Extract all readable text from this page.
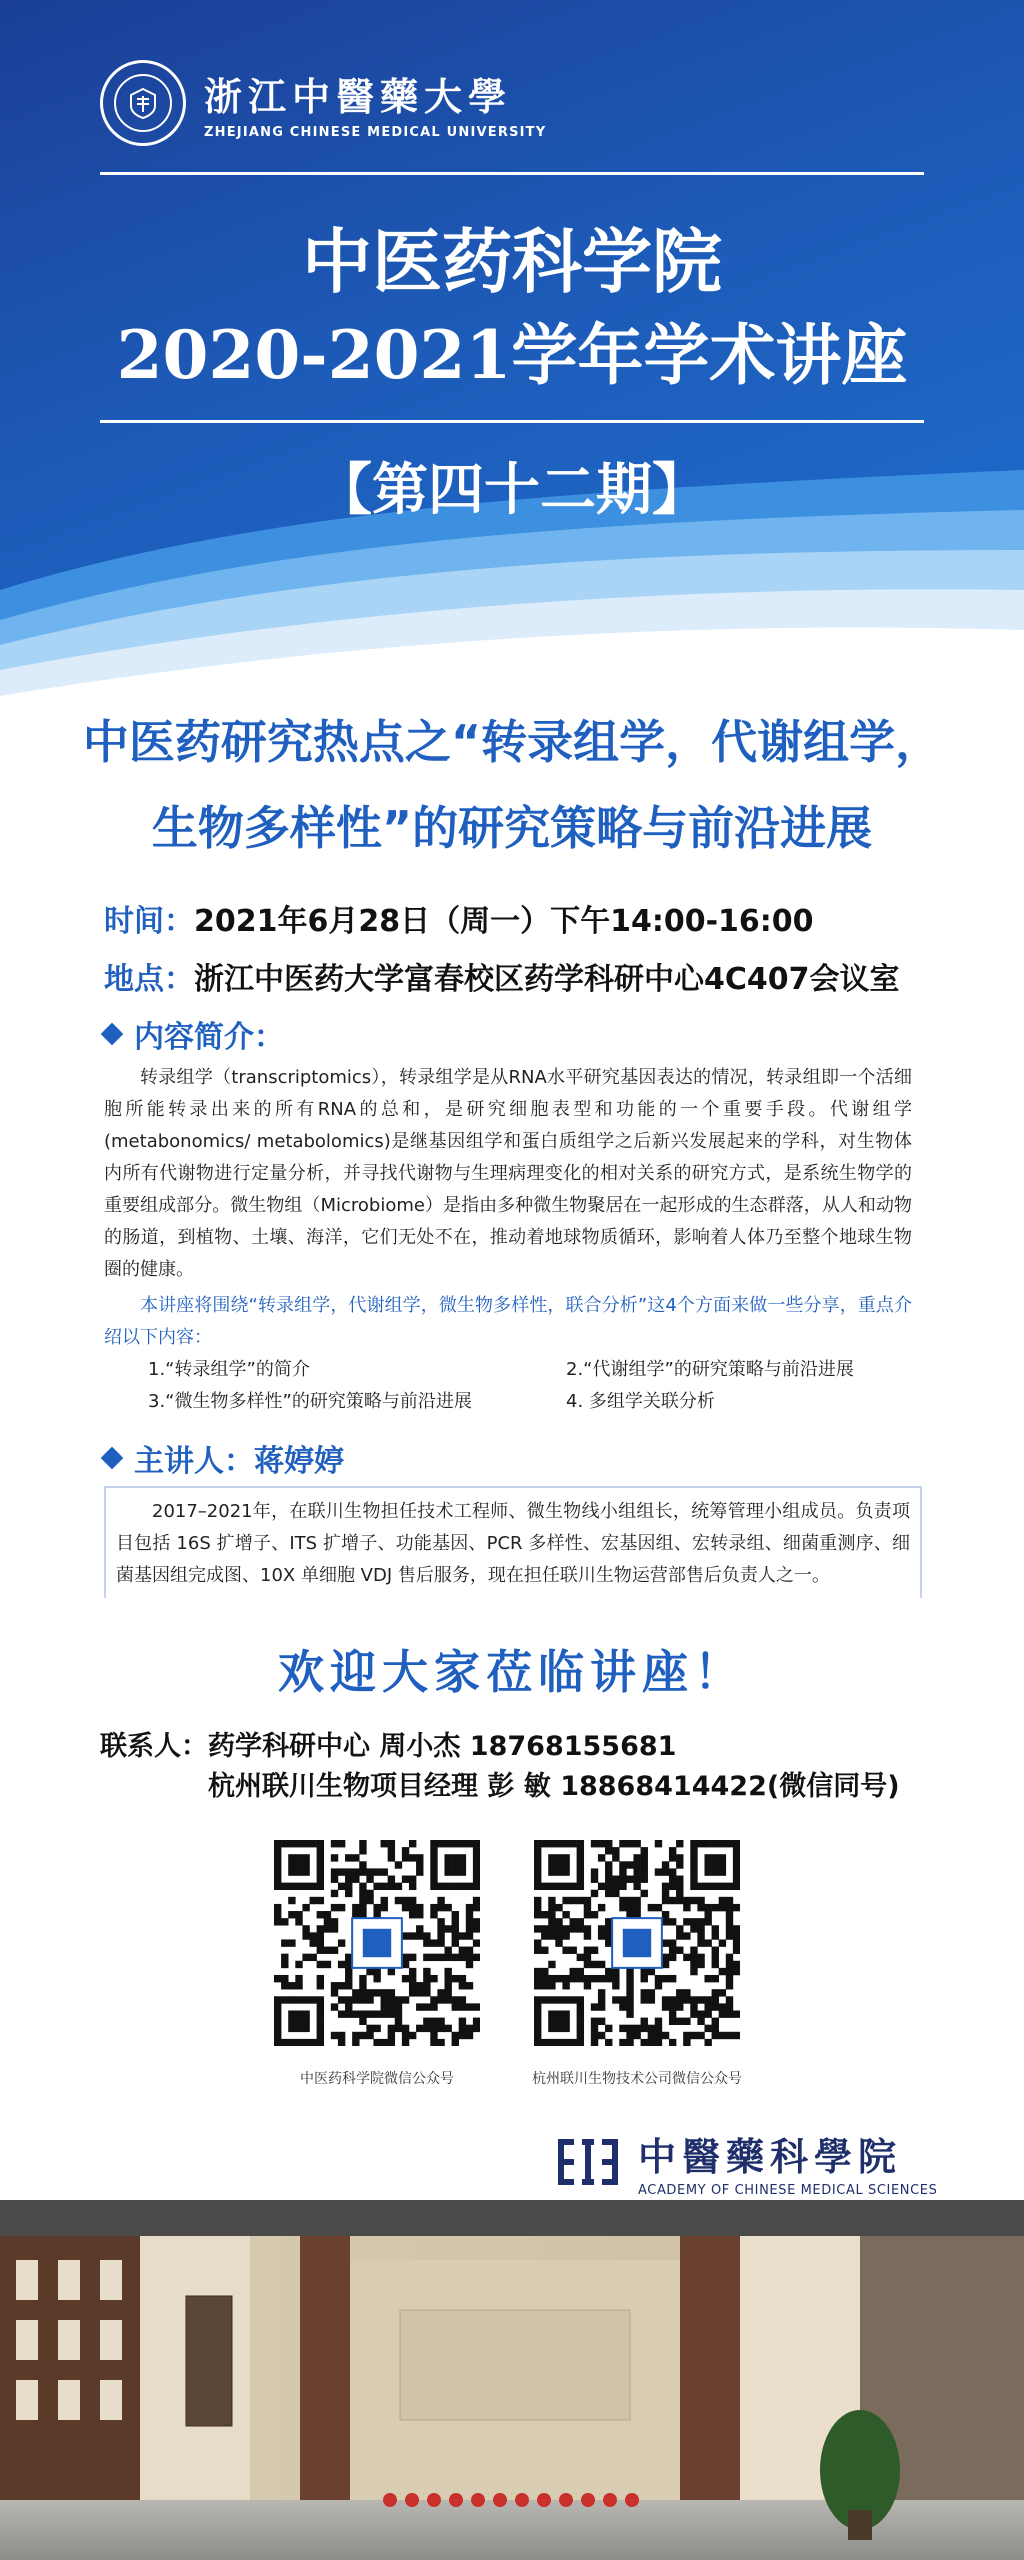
浙江中醫藥大學
ZHEJIANG CHINESE MEDICAL UNIVERSITY
中医药科学院
2020-2021学年学术讲座
【第四十二期】
中医药研究热点之“转录组学，代谢组学，
生物多样性”的研究策略与前沿进展
时间：2021年6月28日（周一）下午14:00-16:00
地点：浙江中医药大学富春校区药学科研中心4C407会议室
内容简介：
转录组学（transcriptomics），转录组学是从RNA水平研究基因表达的情况，转录组即一个活细胞所能转录出来的所有RNA的总和，是研究细胞表型和功能的一个重要手段。代谢组学(metabonomics/ metabolomics)是继基因组学和蛋白质组学之后新兴发展起来的学科，对生物体内所有代谢物进行定量分析，并寻找代谢物与生理病理变化的相对关系的研究方式，是系统生物学的重要组成部分。微生物组（Microbiome）是指由多种微生物聚居在一起形成的生态群落，从人和动物的肠道，到植物、土壤、海洋，它们无处不在，推动着地球物质循环，影响着人体乃至整个地球生物圈的健康。
本讲座将围绕“转录组学，代谢组学，微生物多样性，联合分析”这4个方面来做一些分享，重点介绍以下内容：
1.“转录组学”的简介	2.“代谢组学”的研究策略与前沿进展
3.“微生物多样性”的研究策略与前沿进展	4. 多组学关联分析
主讲人：蒋婷婷
2017–2021年，在联川生物担任技术工程师、微生物线小组组长，统筹管理小组成员。负责项目包括 16S 扩增子、ITS 扩增子、功能基因、PCR 多样性、宏基因组、宏转录组、细菌重测序、细菌基因组完成图、10X 单细胞 VDJ 售后服务，现在担任联川生物运营部售后负责人之一。
欢迎大家莅临讲座！
联系人：药学科研中心 周小杰 18768155681
杭州联川生物项目经理 彭 敏 18868414422(微信同号)
中医药科学院微信公众号	杭州联川生物技术公司微信公众号
中醫藥科學院
ACADEMY OF CHINESE MEDICAL SCIENCES
